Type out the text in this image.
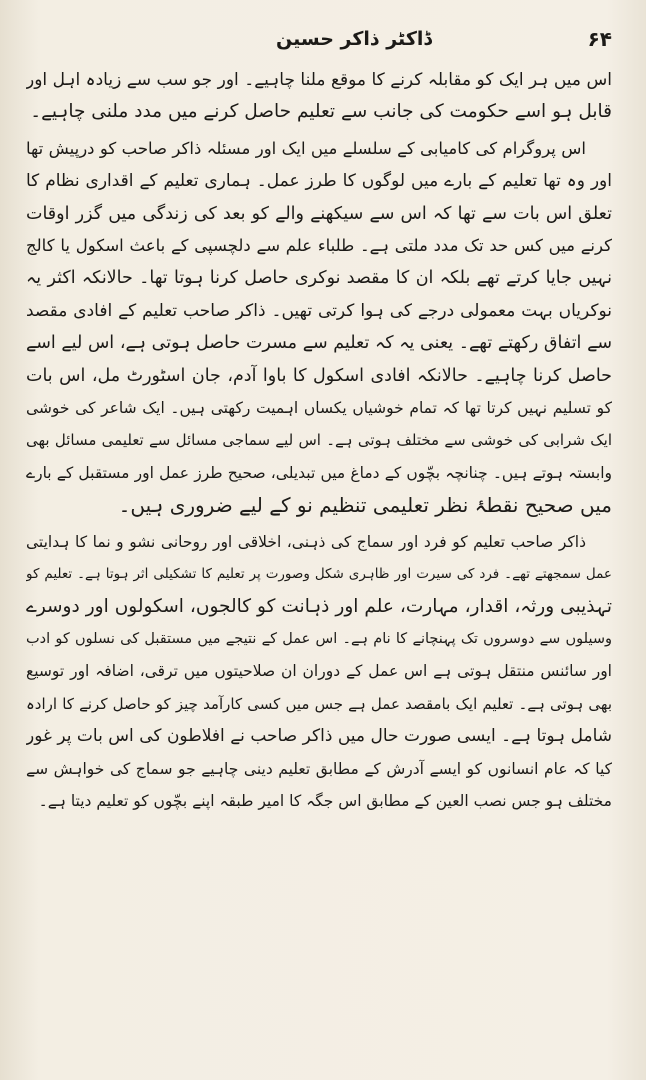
۶۴
ڈاکٹر ذاکر حسین
اس میں ہر ایک کو مقابلہ کرنے کا موقع ملنا چاہیے۔ اور جو سب سے زیادہ اہل اور
قابل ہو اسے حکومت کی جانب سے تعلیم حاصل کرنے میں مدد ملنی چاہیے۔
اس پروگرام کی کامیابی کے سلسلے میں ایک اور مسئلہ ذاکر صاحب کو درپیش تھا
اور وہ تھا تعلیم کے بارے میں لوگوں کا طرز عمل۔ ہماری تعلیم کے اقداری نظام کا
تعلق اس بات سے تھا کہ اس سے سیکھنے والے کو بعد کی زندگی میں گزر اوقات
کرنے میں کس حد تک مدد ملتی ہے۔ طلباء علم سے دلچسپی کے باعث اسکول یا کالج
نہیں جایا کرتے تھے بلکہ ان کا مقصد نوکری حاصل کرنا ہوتا تھا۔ حالانکہ اکثر یہ
نوکریاں بہت معمولی درجے کی ہوا کرتی تھیں۔ ذاکر صاحب تعلیم کے افادی مقصد
سے اتفاق رکھتے تھے۔ یعنی یہ کہ تعلیم سے مسرت حاصل ہوتی ہے، اس لیے اسے
حاصل کرنا چاہیے۔ حالانکہ افادی اسکول کا باوا آدم، جان اسٹورٹ مل، اس بات
کو تسلیم نہیں کرتا تھا کہ تمام خوشیاں یکساں اہمیت رکھتی ہیں۔ ایک شاعر کی خوشی
ایک شرابی کی خوشی سے مختلف ہوتی ہے۔ اس لیے سماجی مسائل سے تعلیمی مسائل بھی
وابستہ ہوتے ہیں۔ چنانچہ بچّوں کے دماغ میں تبدیلی، صحیح طرز عمل اور مستقبل کے بارے
میں صحیح نقطۂ نظر تعلیمی تنظیم نو کے لیے ضروری ہیں۔
ذاکر صاحب تعلیم کو فرد اور سماج کی ذہنی، اخلاقی اور روحانی نشو و نما کا ہدایتی
عمل سمجھتے تھے۔ فرد کی سیرت اور ظاہری شکل وصورت پر تعلیم کا تشکیلی اثر ہوتا ہے۔ تعلیم کو
تہذیبی ورثہ، اقدار، مہارت، علم اور ذہانت کو کالجوں، اسکولوں اور دوسرے
وسیلوں سے دوسروں تک پہنچانے کا نام ہے۔ اس عمل کے نتیجے میں مستقبل کی نسلوں کو ادب
اور سائنس منتقل ہوتی ہے اس عمل کے دوران ان صلاحیتوں میں ترقی، اضافہ اور توسیع
بھی ہوتی ہے۔ تعلیم ایک بامقصد عمل ہے جس میں کسی کارآمد چیز کو حاصل کرنے کا ارادہ
شامل ہوتا ہے۔ ایسی صورت حال میں ذاکر صاحب نے افلاطون کی اس بات پر غور
کیا کہ عام انسانوں کو ایسے آدرش کے مطابق تعلیم دینی چاہیے جو سماج کی خواہش سے
مختلف ہو جس نصب العین کے مطابق اس جگہ کا امیر طبقہ اپنے بچّوں کو تعلیم دیتا ہے۔
